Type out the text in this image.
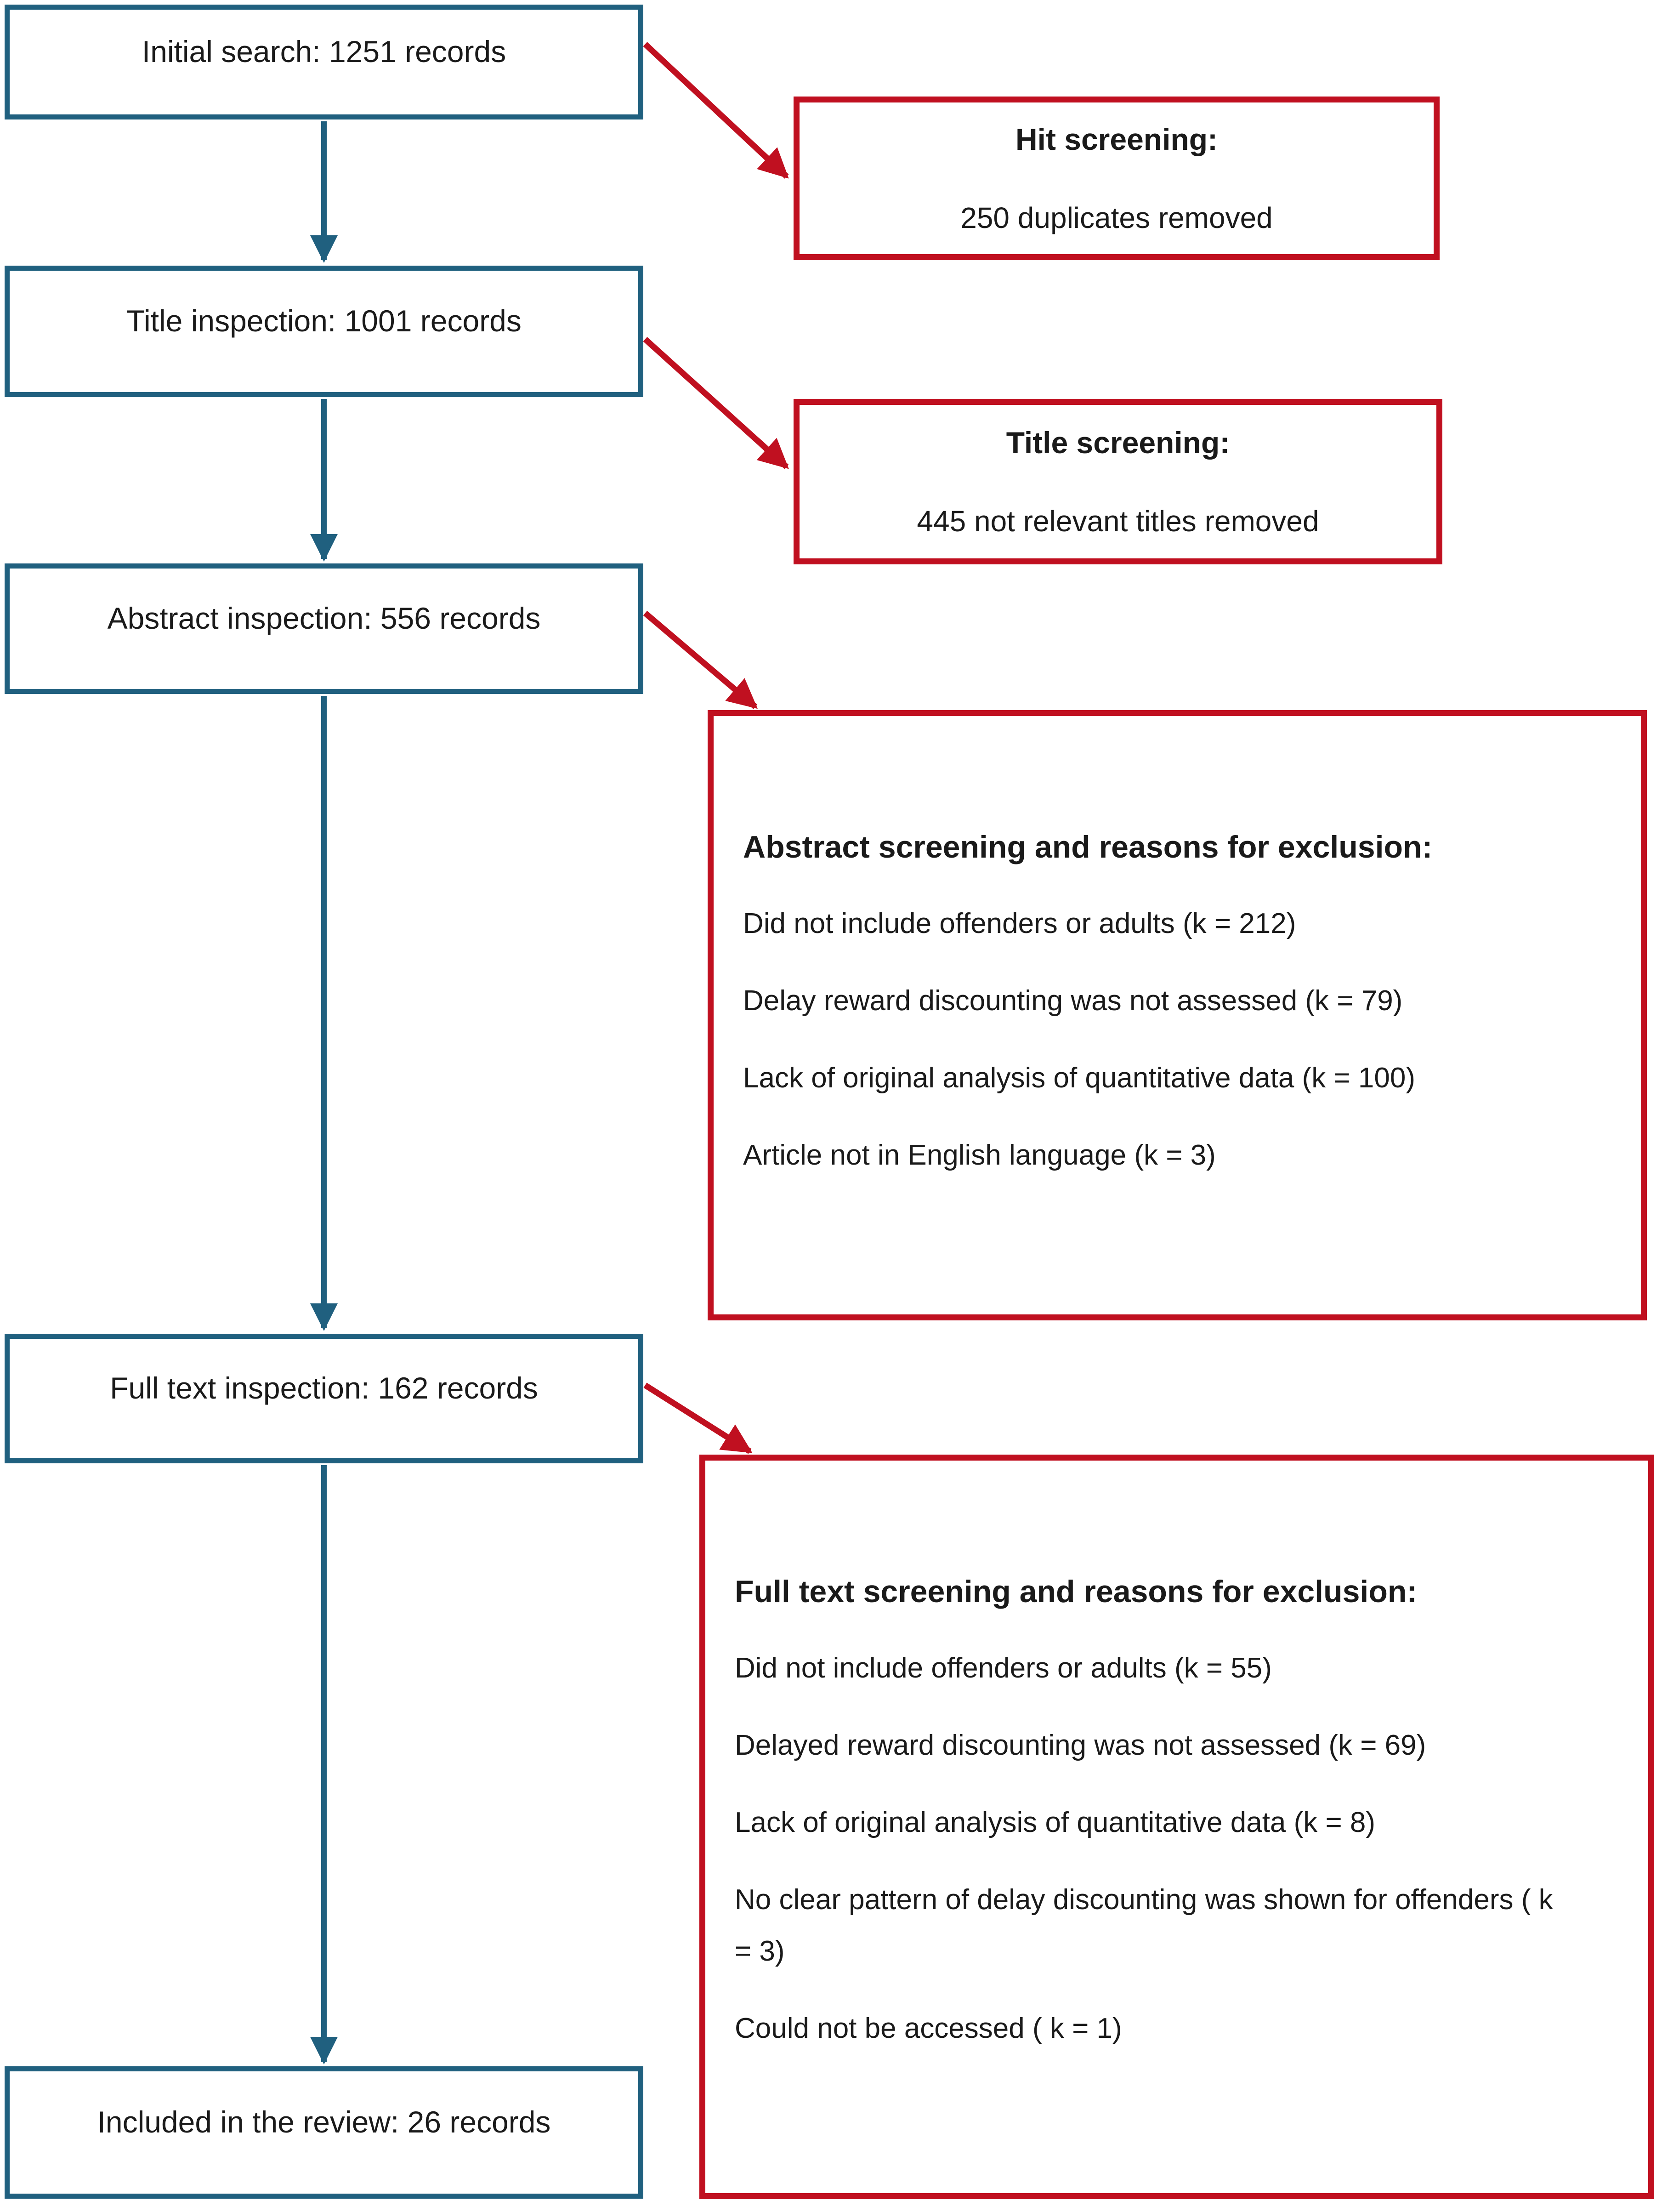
Initial search: 1251 records
Title inspection: 1001 records
Abstract inspection: 556 records
Full text inspection: 162 records
Included in the review: 26 records

Hit screening:

250 duplicates removed

Title screening:

445 not relevant titles removed

Abstract screening and reasons for exclusion:

Did not include offenders or adults (k = 212)

Delay reward discounting was not assessed (k = 79)

Lack of original analysis of quantitative data (k = 100)

Article not in English language (k = 3)

Full text screening and reasons for exclusion:

Did not include offenders or adults (k = 55)

Delayed reward discounting was not assessed (k = 69)

Lack of original analysis of quantitative data (k = 8)

No clear pattern of delay discounting was shown for offenders ( k = 3)

Could not be accessed ( k = 1)
